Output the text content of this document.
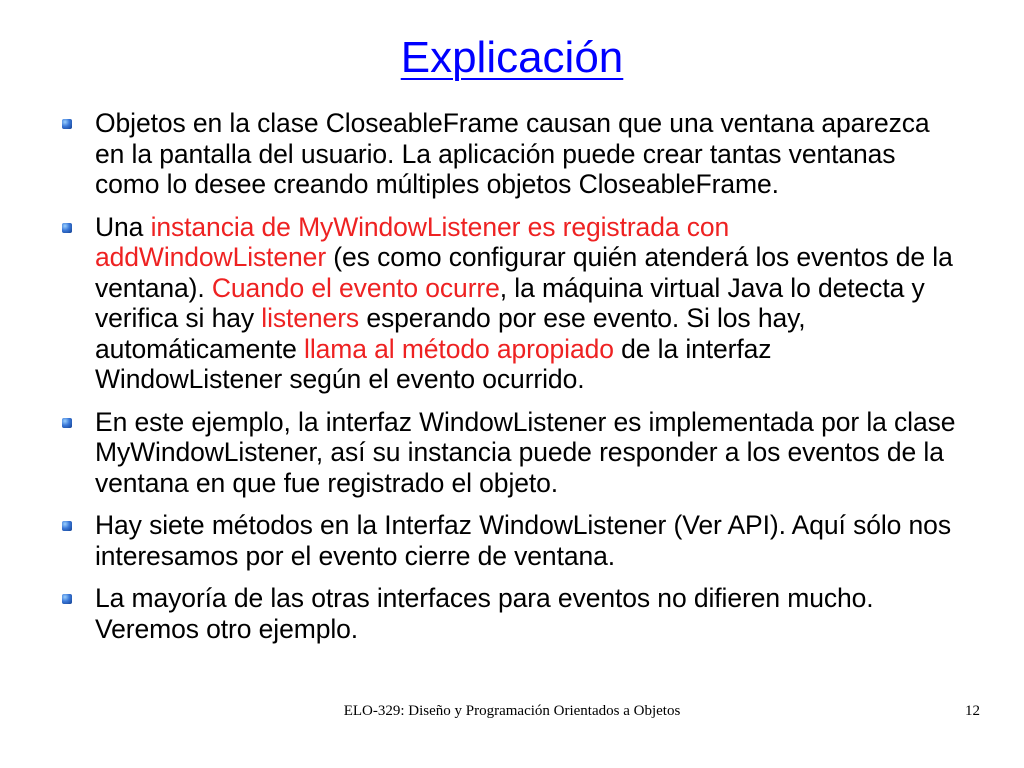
Explicación

Objetos en la clase CloseableFrame causan que una ventana aparezca en la pantalla del usuario. La aplicación puede crear tantas ventanas como lo desee creando múltiples objetos CloseableFrame.

Una instancia de MyWindowListener es registrada con addWindowListener (es como configurar quién atenderá los eventos de la ventana). Cuando el evento ocurre, la máquina virtual Java lo detecta y verifica si hay listeners esperando por ese evento. Si los hay, automáticamente llama al método apropiado de la interfaz WindowListener según el evento ocurrido.

En este ejemplo, la interfaz WindowListener es implementada por la clase MyWindowListener, así su instancia puede responder a los eventos de la ventana en que fue registrado el objeto.

Hay siete métodos en la Interfaz WindowListener (Ver API). Aquí sólo nos interesamos por el evento cierre de ventana.

La mayoría de las otras interfaces para eventos no difieren mucho. Veremos otro ejemplo.

ELO-329: Diseño y Programación Orientados a Objetos	12
